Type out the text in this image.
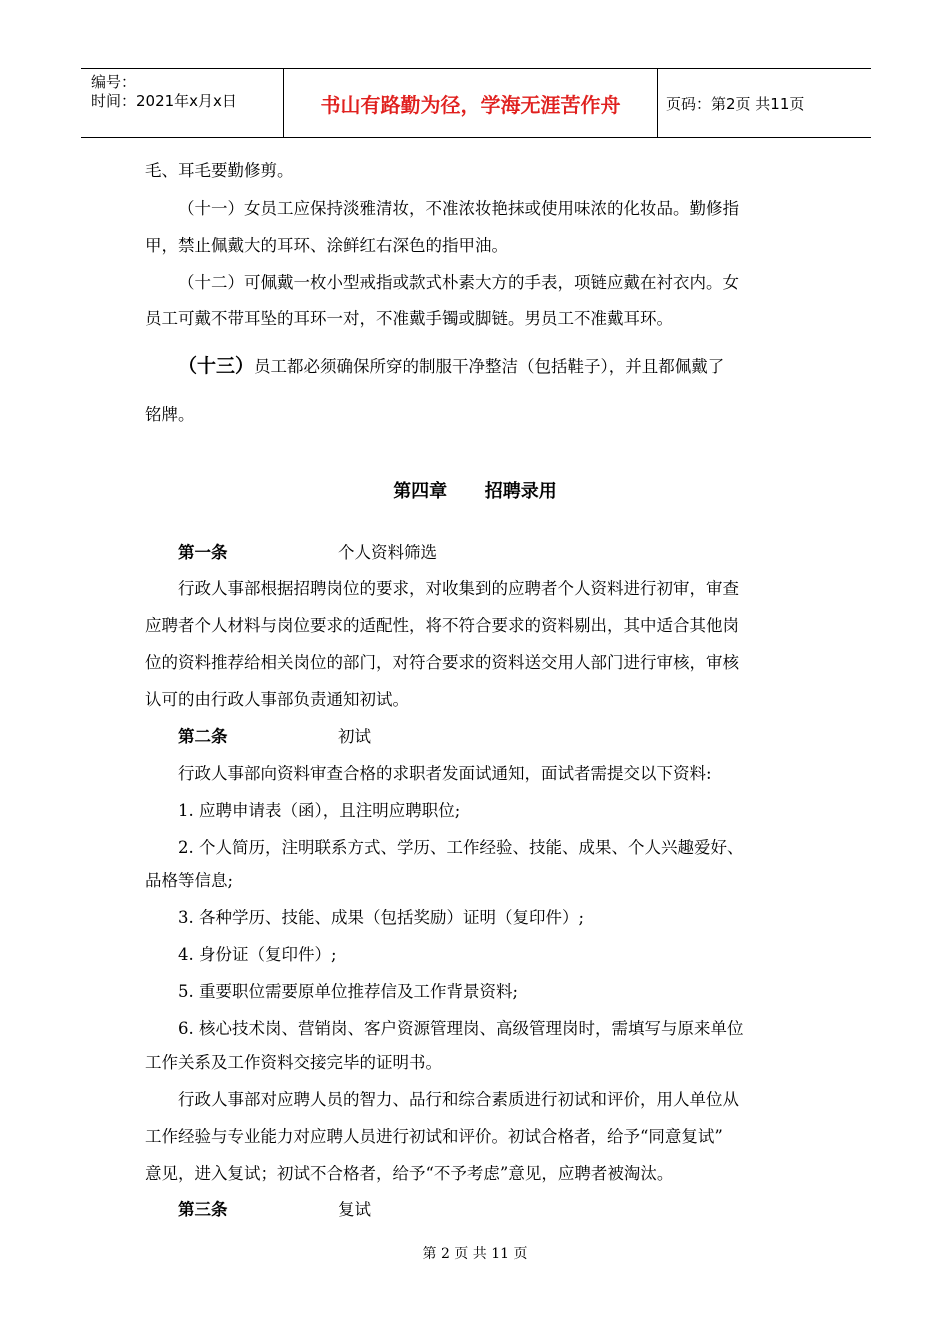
编号：
时间：2021年x月x日	书山有路勤为径，学海无涯苦作舟	页码：第2页 共11页

毛、耳毛要勤修剪。

（十一）女员工应保持淡雅清妆，不准浓妆艳抹或使用味浓的化妆品。勤修指

甲，禁止佩戴大的耳环、涂鲜红右深色的指甲油。

（十二）可佩戴一枚小型戒指或款式朴素大方的手表，项链应戴在衬衣内。女

员工可戴不带耳坠的耳环一对，不准戴手镯或脚链。男员工不准戴耳环。

（十三）员工都必须确保所穿的制服干净整洁（包括鞋子），并且都佩戴了

铭牌。

第四章      招聘录用
第一条	个人资料筛选

行政人事部根据招聘岗位的要求，对收集到的应聘者个人资料进行初审，审查

应聘者个人材料与岗位要求的适配性，将不符合要求的资料剔出，其中适合其他岗

位的资料推荐给相关岗位的部门，对符合要求的资料送交用人部门进行审核，审核

认可的由行政人事部负责通知初试。

第二条	初试

行政人事部向资料审查合格的求职者发面试通知，面试者需提交以下资料:

1. 应聘申请表（函），且注明应聘职位;

2. 个人简历，注明联系方式、学历、工作经验、技能、成果、个人兴趣爱好、

品格等信息;

3. 各种学历、技能、成果（包括奖励）证明（复印件）;

4. 身份证（复印件）;

5. 重要职位需要原单位推荐信及工作背景资料;

6. 核心技术岗、营销岗、客户资源管理岗、高级管理岗时，需填写与原来单位

工作关系及工作资料交接完毕的证明书。

行政人事部对应聘人员的智力、品行和综合素质进行初试和评价，用人单位从

工作经验与专业能力对应聘人员进行初试和评价。初试合格者，给予“同意复试”

意见，进入复试；初试不合格者，给予“不予考虑”意见，应聘者被淘汰。

第三条	复试
第 2 页 共 11 页
